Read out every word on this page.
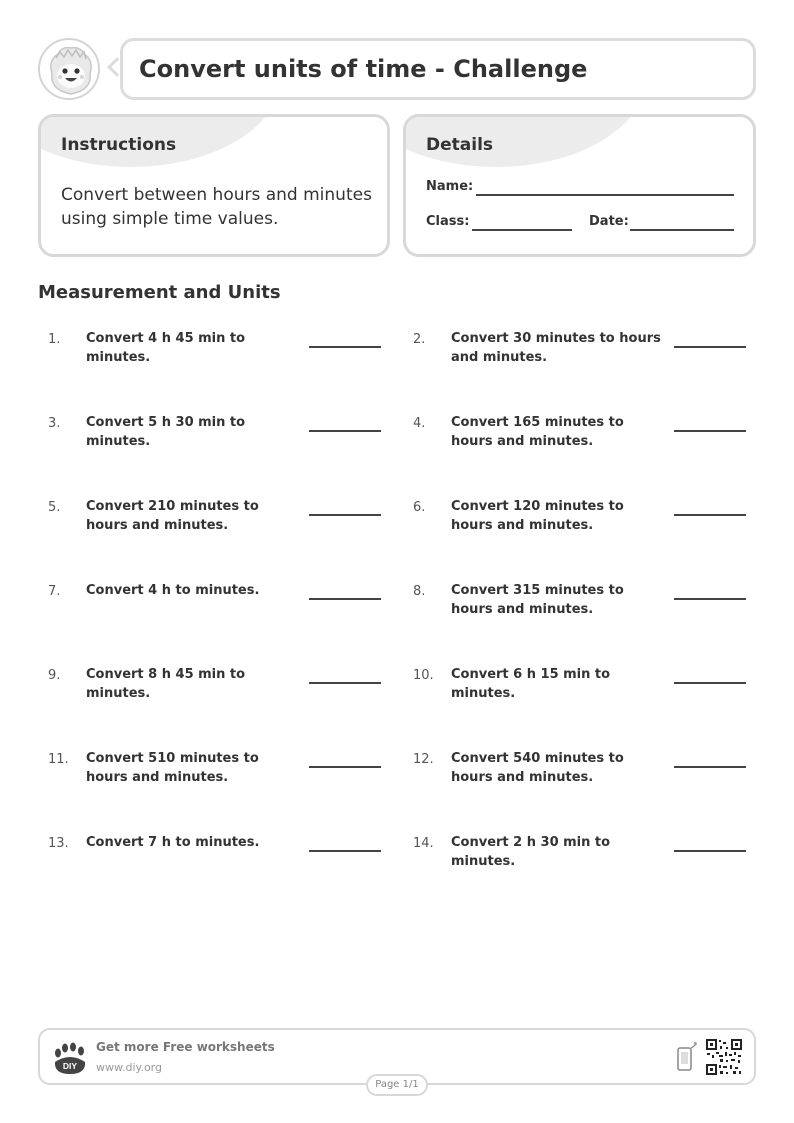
Convert units of time - Challenge
Instructions
Convert between hours and minutes using simple time values.
Details
Name:
Class:	Date:
Measurement and Units
1. Convert 4 h 45 min to minutes.
2. Convert 30 minutes to hours and minutes.
3. Convert 5 h 30 min to minutes.
4. Convert 165 minutes to hours and minutes.
5. Convert 210 minutes to hours and minutes.
6. Convert 120 minutes to hours and minutes.
7. Convert 4 h to minutes.	8. Convert 315 minutes to hours and minutes.
9. Convert 8 h 45 min to minutes.
10. Convert 6 h 15 min to minutes.
11. Convert 510 minutes to hours and minutes.
12. Convert 540 minutes to hours and minutes.
13. Convert 7 h to minutes.	14. Convert 2 h 30 min to minutes.
DIY
Get more Free worksheets
www.diy.org
Page 1/1
